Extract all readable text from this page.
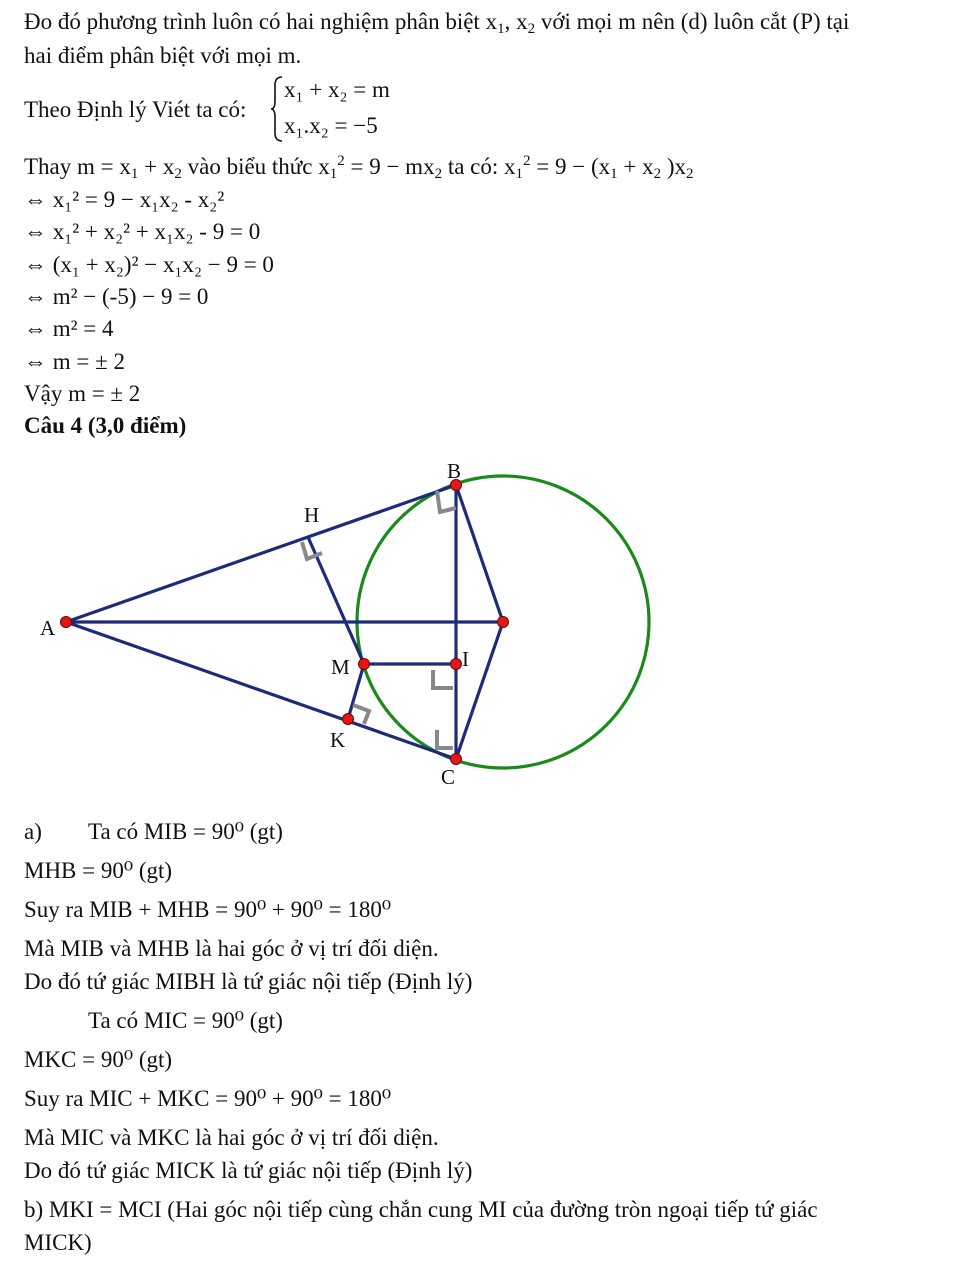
Đo đó phương trình luôn có hai nghiệm phân biệt $x_1$, $x_2$ với mọi m nên (d) luôn cắt (P) tại
hai điểm phân biệt với mọi m.
Theo Định lý Viét ta có:
x₁ + x₂ = m
x₁.x₂ = −5
Thay $m = x_1 + x_2$ vào biểu thức $x_1^2 = 9 - mx_2$ ta có: $x_1^2 = 9 - (x_1 + x_2$ )$x_2$
⇔ x₁² = 9 − x₁x₂ - x₂²
⇔ x₁² + x₂² + x₁x₂ - 9 = 0
⇔ (x₁ + x₂)² − x₁x₂ − 9 = 0
⇔ m² − (-5) − 9 = 0
⇔ m² = 4
⇔ m = ± 2
Vậy m = ± 2
Câu 4 (3,0 điểm)
A
B
C
H
M	I
K
a) Ta có MIB = 90⁰ (gt)
MHB = 90⁰ (gt)
Suy ra MIB + MHB = 90⁰ + 90⁰ = 180⁰
Mà MIB và MHB là hai góc ở vị trí đối diện.
Do đó tứ giác MIBH là tứ giác nội tiếp (Định lý)
Ta có MIC = 90⁰ (gt)
MKC = 90⁰ (gt)
Suy ra MIC + MKC = 90⁰ + 90⁰ = 180⁰
Mà MIC và MKC là hai góc ở vị trí đối diện.
Do đó tứ giác MICK là tứ giác nội tiếp (Định lý)
b) MKI = MCI (Hai góc nội tiếp cùng chắn cung MI của đường tròn ngoại tiếp tứ giác
MICK)
